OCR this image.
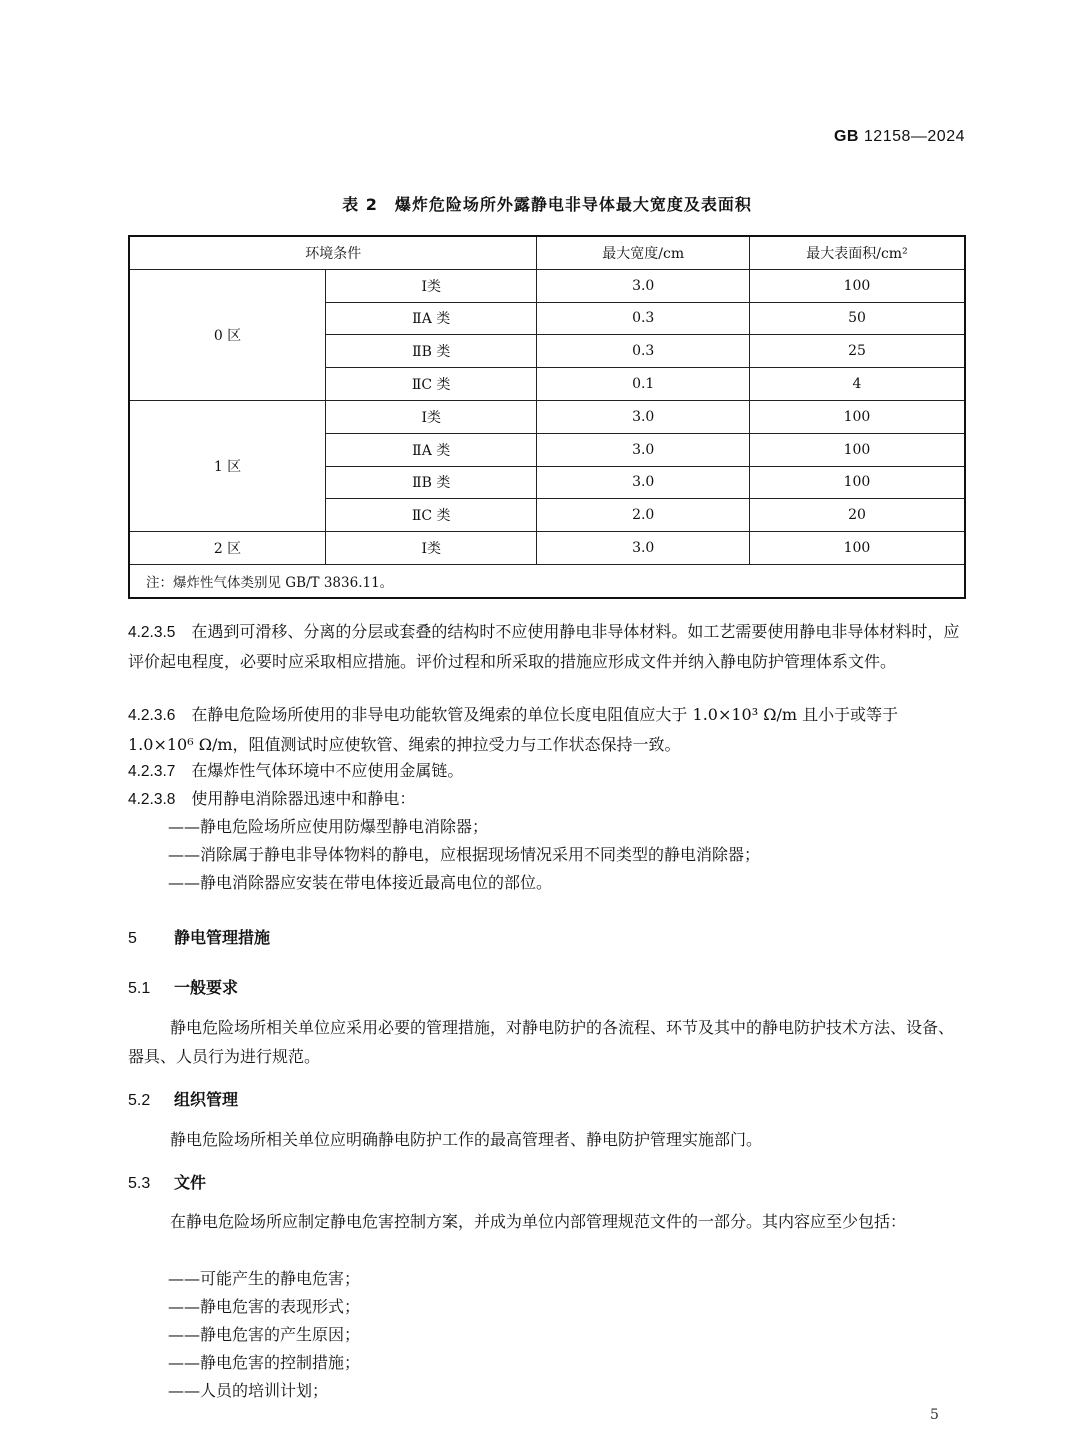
GB 12158—2024
表 2　爆炸危险场所外露静电非导体最大宽度及表面积
环境条件		最大宽度/cm	最大表面积/cm²
0 区	Ⅰ类	3.0	100
	ⅡA 类	0.3	50
	ⅡB 类	0.3	25
	ⅡC 类	0.1	4
1 区	Ⅰ类	3.0	100
	ⅡA 类	3.0	100
	ⅡB 类	3.0	100
	ⅡC 类	2.0	20
2 区	Ⅰ类	3.0	100
注：爆炸性气体类别见 GB/T 3836.11。			
4.2.3.5　 在遇到可滑移、分离的分层或套叠的结构时不应使用静电非导体材料。如工艺需要使用静电非导体材料时，应评价起电程度，必要时应采取相应措施。评价过程和所采取的措施应形成文件并纳入静电防护管理体系文件。
4.2.3.6　 在静电危险场所使用的非导电功能软管及绳索的单位长度电阻值应大于 1.0×10³ Ω/m 且小于或等于 1.0×10⁶ Ω/m，阻值测试时应使软管、绳索的抻拉受力与工作状态保持一致。
4.2.3.7　 在爆炸性气体环境中不应使用金属链。
4.2.3.8　 使用静电消除器迅速中和静电：
——静电危险场所应使用防爆型静电消除器；
——消除属于静电非导体物料的静电，应根据现场情况采用不同类型的静电消除器；
——静电消除器应安装在带电体接近最高电位的部位。
5 静电管理措施
5.1 一般要求
静电危险场所相关单位应采用必要的管理措施，对静电防护的各流程、环节及其中的静电防护技术方法、设备、器具、人员行为进行规范。
5.2 组织管理
静电危险场所相关单位应明确静电防护工作的最高管理者、静电防护管理实施部门。
5.3 文件
在静电危险场所应制定静电危害控制方案，并成为单位内部管理规范文件的一部分。其内容应至少包括：
——可能产生的静电危害；
——静电危害的表现形式；
——静电危害的产生原因；
——静电危害的控制措施；
——人员的培训计划；
5
